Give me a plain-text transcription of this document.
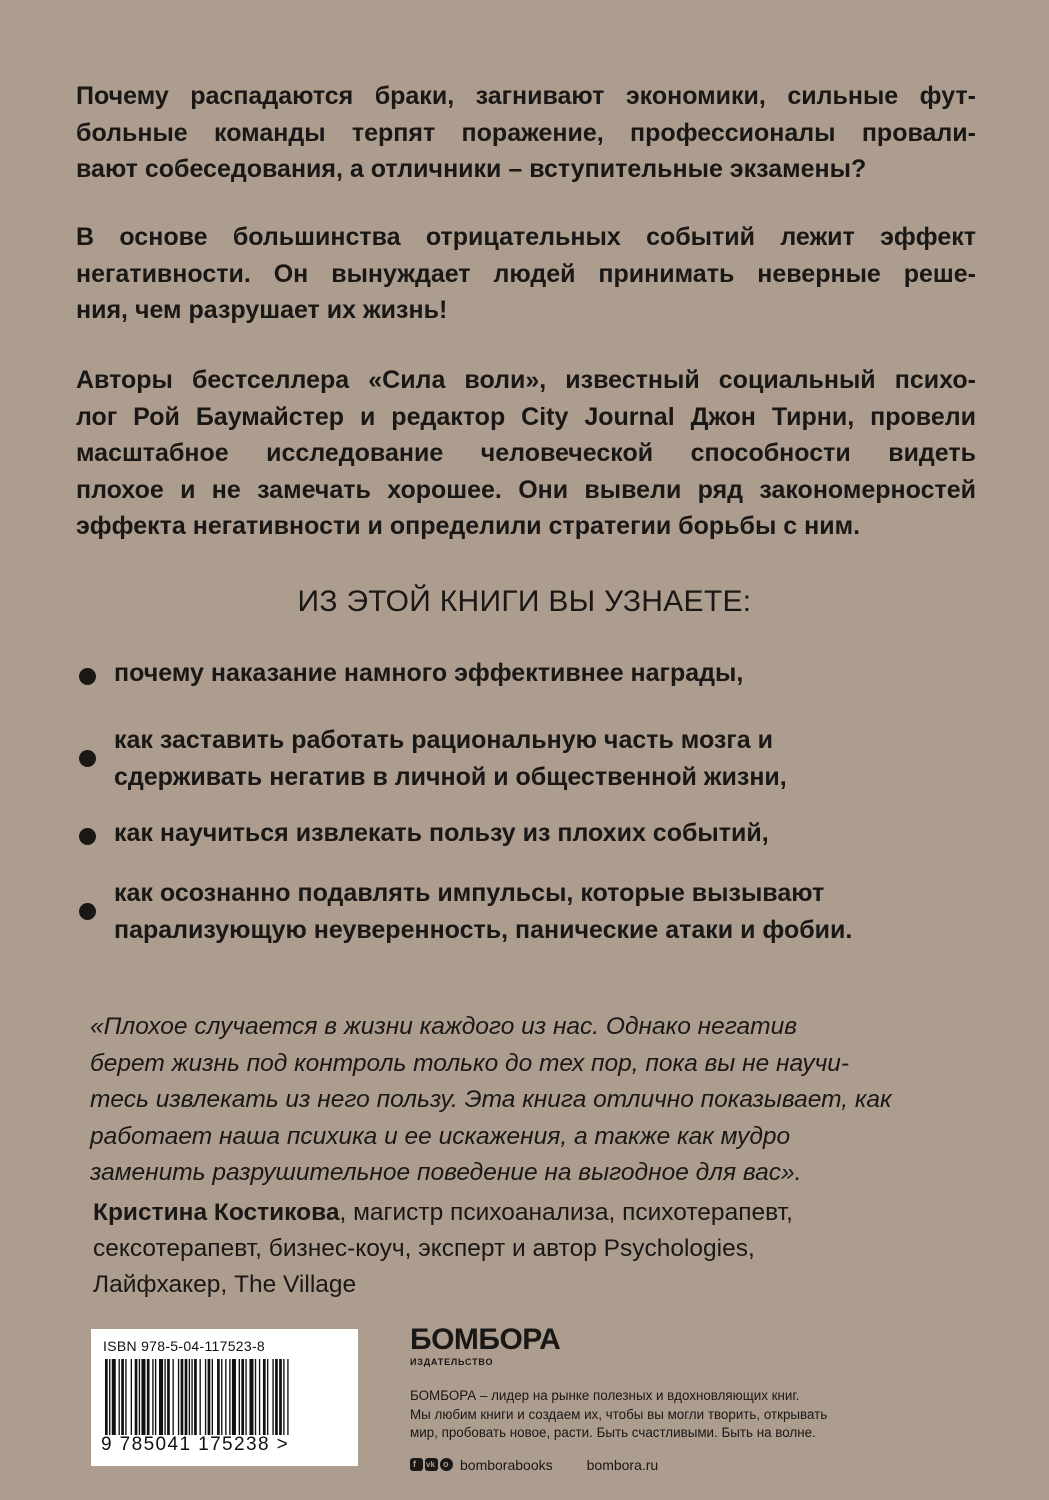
Почему распадаются браки, загнивают экономики, сильные фут-
больные команды терпят поражение, профессионалы провали-
вают собеседования, а отличники – вступительные экзамены?
В основе большинства отрицательных событий лежит эффект
негативности. Он вынуждает людей принимать неверные реше-
ния, чем разрушает их жизнь!
Авторы бестселлера «Сила воли», известный социальный психо-
лог Рой Баумайстер и редактор City Journal Джон Тирни, провели
масштабное исследование человеческой способности видеть
плохое и не замечать хорошее. Они вывели ряд закономерностей
эффекта негативности и определили стратегии борьбы с ним.
ИЗ ЭТОЙ КНИГИ ВЫ УЗНАЕТЕ:
почему наказание намного эффективнее награды,
как заставить работать рациональную часть мозга и
сдерживать негатив в личной и общественной жизни,
как научиться извлекать пользу из плохих событий,
как осознанно подавлять импульсы, которые вызывают
парализующую неуверенность, панические атаки и фобии.
«Плохое случается в жизни каждого из нас. Однако негатив
берет жизнь под контроль только до тех пор, пока вы не научи-
тесь извлекать из него пользу. Эта книга отлично показывает, как
работает наша психика и ее искажения, а также как мудро
заменить разрушительное поведение на выгодное для вас».
Кристина Костикова, магистр психоанализа, психотерапевт,
сексотерапевт, бизнес-коуч, эксперт и автор Psychologies,
Лайфхакер, The Village
ISBN 978-5-04-117523-8
9 785041 175238 >
БОМБОРА
ИЗДАТЕЛЬСТВО
БОМБОРА – лидер на рынке полезных и вдохновляющих книг.
Мы любим книги и создаем их, чтобы вы могли творить, открывать
мир, пробовать новое, расти. Быть счастливыми. Быть на волне.
f vk o bomborabooks bombora.ru
